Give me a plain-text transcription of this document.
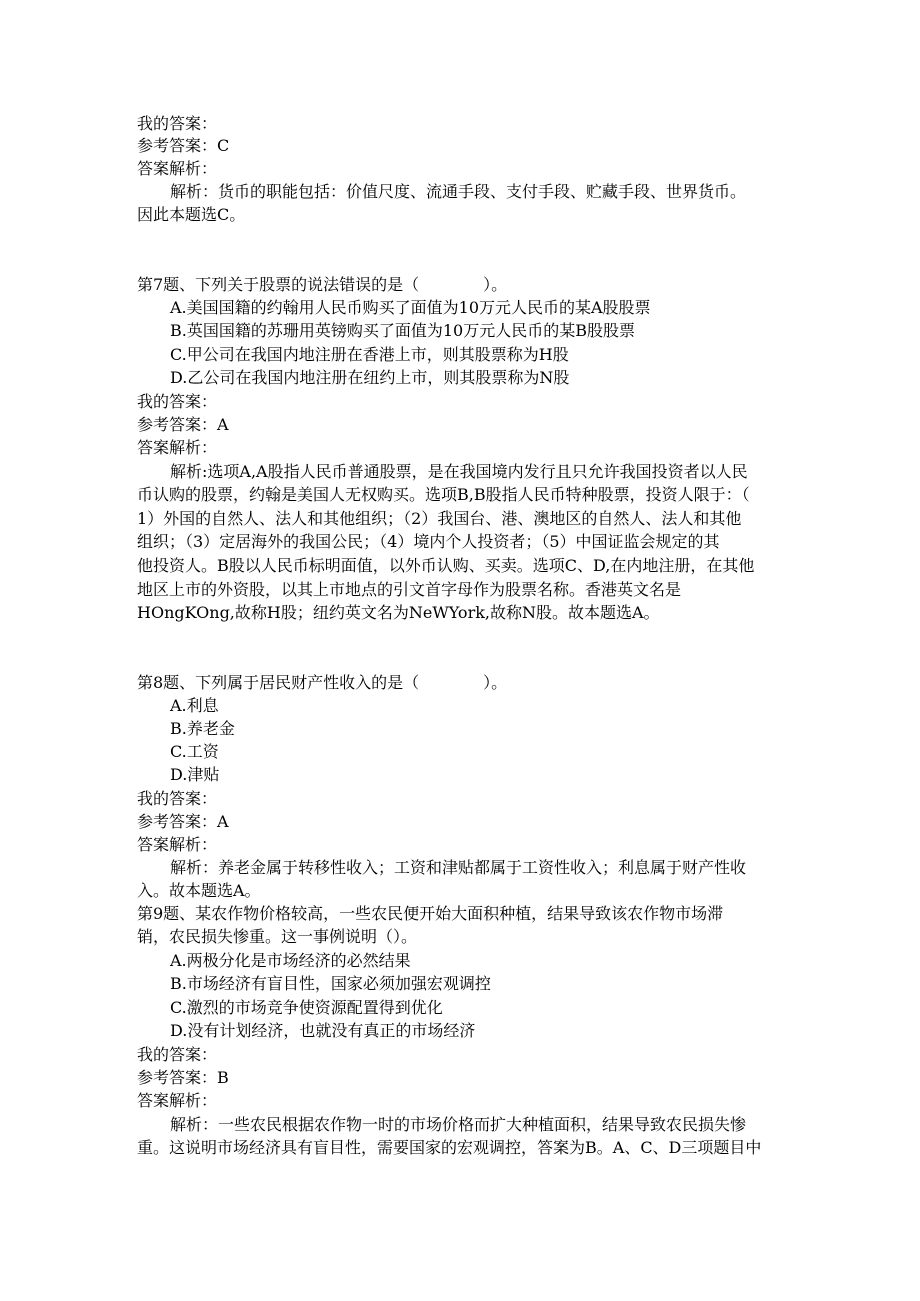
我的答案：
参考答案：C
答案解析：
解析：货币的职能包括：价值尺度、流通手段、支付手段、贮藏手段、世界货币。
因此本题选C。
第7题、下列关于股票的说法错误的是（　　　　）。
A.美国国籍的约翰用人民币购买了面值为10万元人民币的某A股股票
B.英国国籍的苏珊用英镑购买了面值为10万元人民币的某B股股票
C.甲公司在我国内地注册在香港上市，则其股票称为H股
D.乙公司在我国内地注册在纽约上市，则其股票称为N股
我的答案：
参考答案：A
答案解析：
解析:选项A,A股指人民币普通股票，是在我国境内发行且只允许我国投资者以人民
币认购的股票，约翰是美国人无权购买。选项B,B股指人民币特种股票，投资人限于：（
1）外国的自然人、法人和其他组织；（2）我国台、港、澳地区的自然人、法人和其他
组织；（3）定居海外的我国公民；（4）境内个人投资者；（5）中国证监会规定的其
他投资人。B股以人民币标明面值，以外币认购、买卖。选项C、D,在内地注册，在其他
地区上市的外资股，以其上市地点的引文首字母作为股票名称。香港英文名是
HOngKOng,故称H股；纽约英文名为NeWYork,故称N股。故本题选A。
第8题、下列属于居民财产性收入的是（　　　　）。
A.利息
B.养老金
C.工资
D.津贴
我的答案：
参考答案：A
答案解析：
解析：养老金属于转移性收入；工资和津贴都属于工资性收入；利息属于财产性收
入。故本题选A。
第9题、某农作物价格较高，一些农民便开始大面积种植，结果导致该农作物市场滞
销，农民损失惨重。这一事例说明（）。
A.两极分化是市场经济的必然结果
B.市场经济有盲目性，国家必须加强宏观调控
C.激烈的市场竞争使资源配置得到优化
D.没有计划经济，也就没有真正的市场经济
我的答案：
参考答案：B
答案解析：
解析：一些农民根据农作物一时的市场价格而扩大种植面积，结果导致农民损失惨
重。这说明市场经济具有盲目性，需要国家的宏观调控，答案为B。A、C、D三项题目中
